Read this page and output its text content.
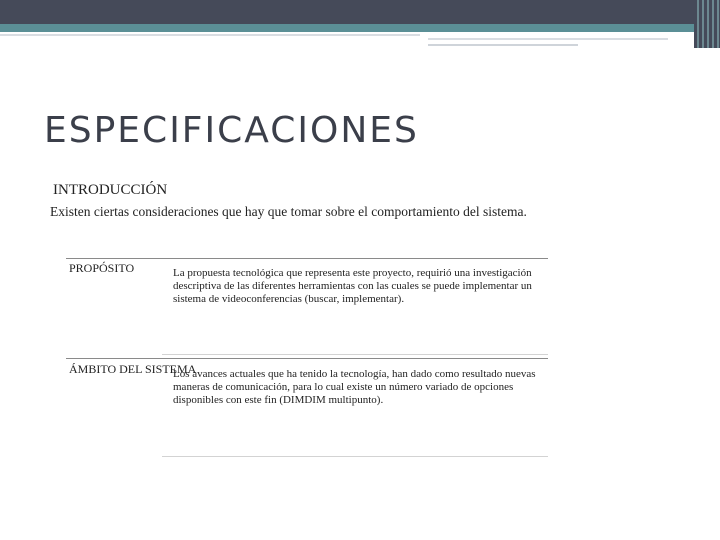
ESPECIFICACIONES
INTRODUCCIÓN
Existen ciertas consideraciones que hay que tomar sobre el comportamiento del sistema.
PROPÓSITO	La propuesta tecnológica que representa este proyecto, requirió una investigación descriptiva de las diferentes herramientas con las cuales se puede implementar un sistema de videoconferencias (buscar, implementar).
ÁMBITO DEL SISTEMA
Los avances actuales que ha tenido la tecnología, han dado como resultado nuevas maneras de comunicación, para lo cual existe un número variado de opciones disponibles con este fin (DIMDIM multipunto).
